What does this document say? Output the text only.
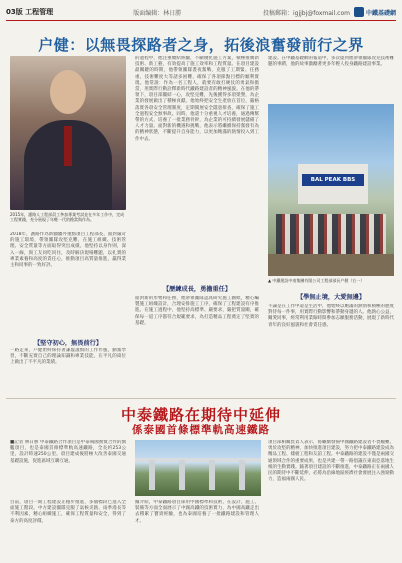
03版 工程管理	版面编辑：林日勝	投稿郵箱：igjjbj@foxmail.com	中鐵基礎網
户健：以無畏探路者之身，拓後浪奮發前行之界
2015年，護路人工程部員工參加專業考試並在多年工作中，完成工程實踐，充分展現了年輕一代的擔當與作為。
2018年，護路作為新疆疆外重點項目工程部長，面對嚴苛的施工環境，帶領團隊攻堅克難，在施工組織、技術管理、安全質量等方面取得突出成績。他堅持以身作則，深入一線，與工友同吃同住，及時解決現場難題，以扎實的專業素養和高度的責任心，推動項目高質量推進，贏得業主和同事的一致好評。
【堅守初心，無畏前行】
一路走來，户健始終保持著謙虛謹慎的工作作風，勤奮學習，不斷充實自己的理論知識和專業技能，在平凡的崗位上做出了不平凡的業績。
的過程中，他注重總結經驗，不斷優化施工方案，積極推廣新技術、新工藝，有效提高了施工效率和工程質量。在項目建設最關鍵的時期，他帶領團隊晝夜奮戰，克服了工期緊、任務重、技術難度大等諸多困難，確保了各項節點目標的順利實現。他常說：作為一名工程人，就要有敢打硬仗的勇氣和擔當，用實際行動詮釋新時代鐵路建設者的精神風貌。在他的帶領下，項目部團結一心，攻堅克難，先後獲得多項榮譽，為企業的發展做出了積極貢獻。他始終把安全生產放在首位，嚴格落實各項安全管理制度，定期開展安全隱患排查，確保了施工全過程安全無事故。同時，他還十分重視人才培養，通過傳幫帶的方式，培養了一批業務骨幹，為企業的可持續發展儲備了人才力量。面對新的機遇和挑戰，他表示將繼續保持奮發有為的精神狀態，不斷提升自身能力，以更加飽滿的熱情投入到工作中去。
【歷練成長，勇擔重任】
面對新的形勢和任務，他帶領團隊認真研究施工圖紙，精心編製施工組織設計，合理安排施工工序，確保了工程建設有序推進。在施工過程中，他堅持高標準、嚴要求，嚴把質量關，確保每一道工序都符合規範要求，為打造精品工程奠定了堅實的基礎。
建設。在中鐵基礎網的報道中，多次提到他帶領團隊攻克技術難題的事蹟，他的故事激勵著更多年輕人投身鐵路建設事業。
BAL PEAK BBS
▲ 中鐵建設中南集團有限公司工程部部長户健（右一）
【學無止境，大愛無邊】
不論是在工作中還是生活中，他始終以飽滿的熱情和積極的態度對待每一件事，用實際行動影響和帶動身邊的人。他熱心公益，關愛同事，經常利用業餘時間參加志願服務活動，展現了新時代青年的良好風貌和社會責任感。
中泰鐵路在期待中延伸
係泰國首條標準軌高速鐵路
■記者 林日勝 中泰鐵路合作項目是中泰兩國務實合作的旗艦項目，也是泰國首條標準軌高速鐵路，全長約253公里，設計時速250公里。項目建成後將極大改善泰國交通基礎設施，促進區域互聯互通。
目前，項目一期工程建設正穩步推進，多個標段已進入全面施工階段。中方建設團隊克服了氣候炎熱、雨季漫長等不利因素，精心組織施工，確保工程質量和安全，得到了泰方的高度評價。
據介紹，中泰鐵路項目採用中國標準和技術，在設計、施工、裝備等方面全面展示了中國高鐵的技術實力，為中國高鐵走出去積累了寶貴經驗，也為泰國培養了一批鐵路建設和管理人才。
項目部相關負責人表示，將繼續發揚中國鐵路建設者不畏艱難、勇於攻堅的精神，加快推進項目建設，努力把中泰鐵路建設成為精品工程、樣板工程和友誼工程。中泰鐵路的建設不僅是兩國交通領域合作的重要成果，也是共建一帶一路倡議在東南亞落地生根的生動實踐。隨著項目建設的不斷推進，中泰鐵路正在兩國人民的期待中不斷延伸，必將為沿線地區經濟社會發展注入強勁動力，造福兩國人民。
